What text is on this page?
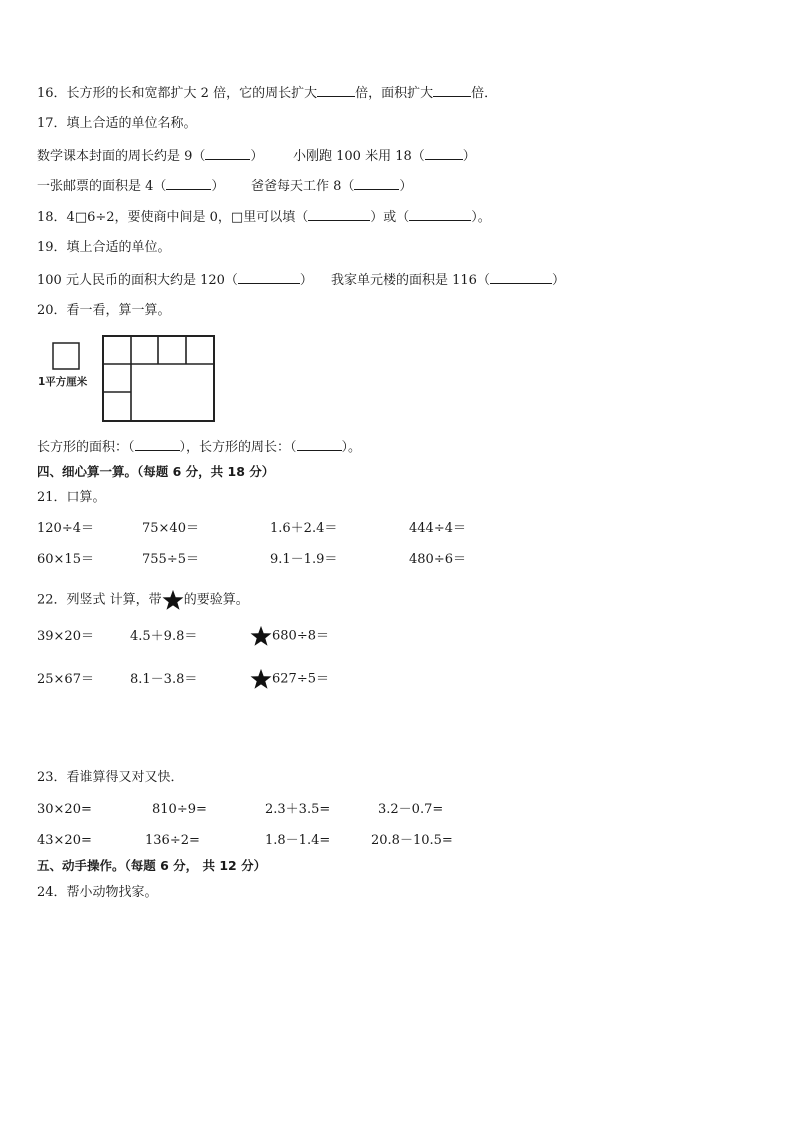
16．长方形的长和宽都扩大 2 倍，它的周长扩大	倍，面积扩大	倍．
17．填上合适的单位名称。
数学课本封面的周长约是 9（	） 小刚跑 100 米用 18（	）
一张邮票的面积是 4（	） 爸爸每天工作 8（	）
18．4□6÷2，要使商中间是 0，□里可以填（	）或（	）。
19．填上合适的单位。
100 元人民币的面积大约是 120（	） 我家单元楼的面积是 116（	）
20．看一看，算一算。
1平方厘米
长方形的面积：（	），长方形的周长：（	）。
四、细心算一算。（每题 6 分，共 18 分）
21．口算。
120÷4＝	75×40＝	1.6＋2.4＝	444÷4＝
60×15＝	755÷5＝	9.1－1.9＝	480÷6＝
22．列竖式 计算，带 的要验算。
39×20＝	4.5＋9.8＝	680÷8＝
25×67＝	8.1－3.8＝	627÷5＝
23．看谁算得又对又快．
30×20=	810÷9=	2.3＋3.5=	3.2－0.7=
43×20=	136÷2=	1.8－1.4=	20.8－10.5=
五、动手操作。（每题 6 分， 共 12 分）
24．帮小动物找家。
